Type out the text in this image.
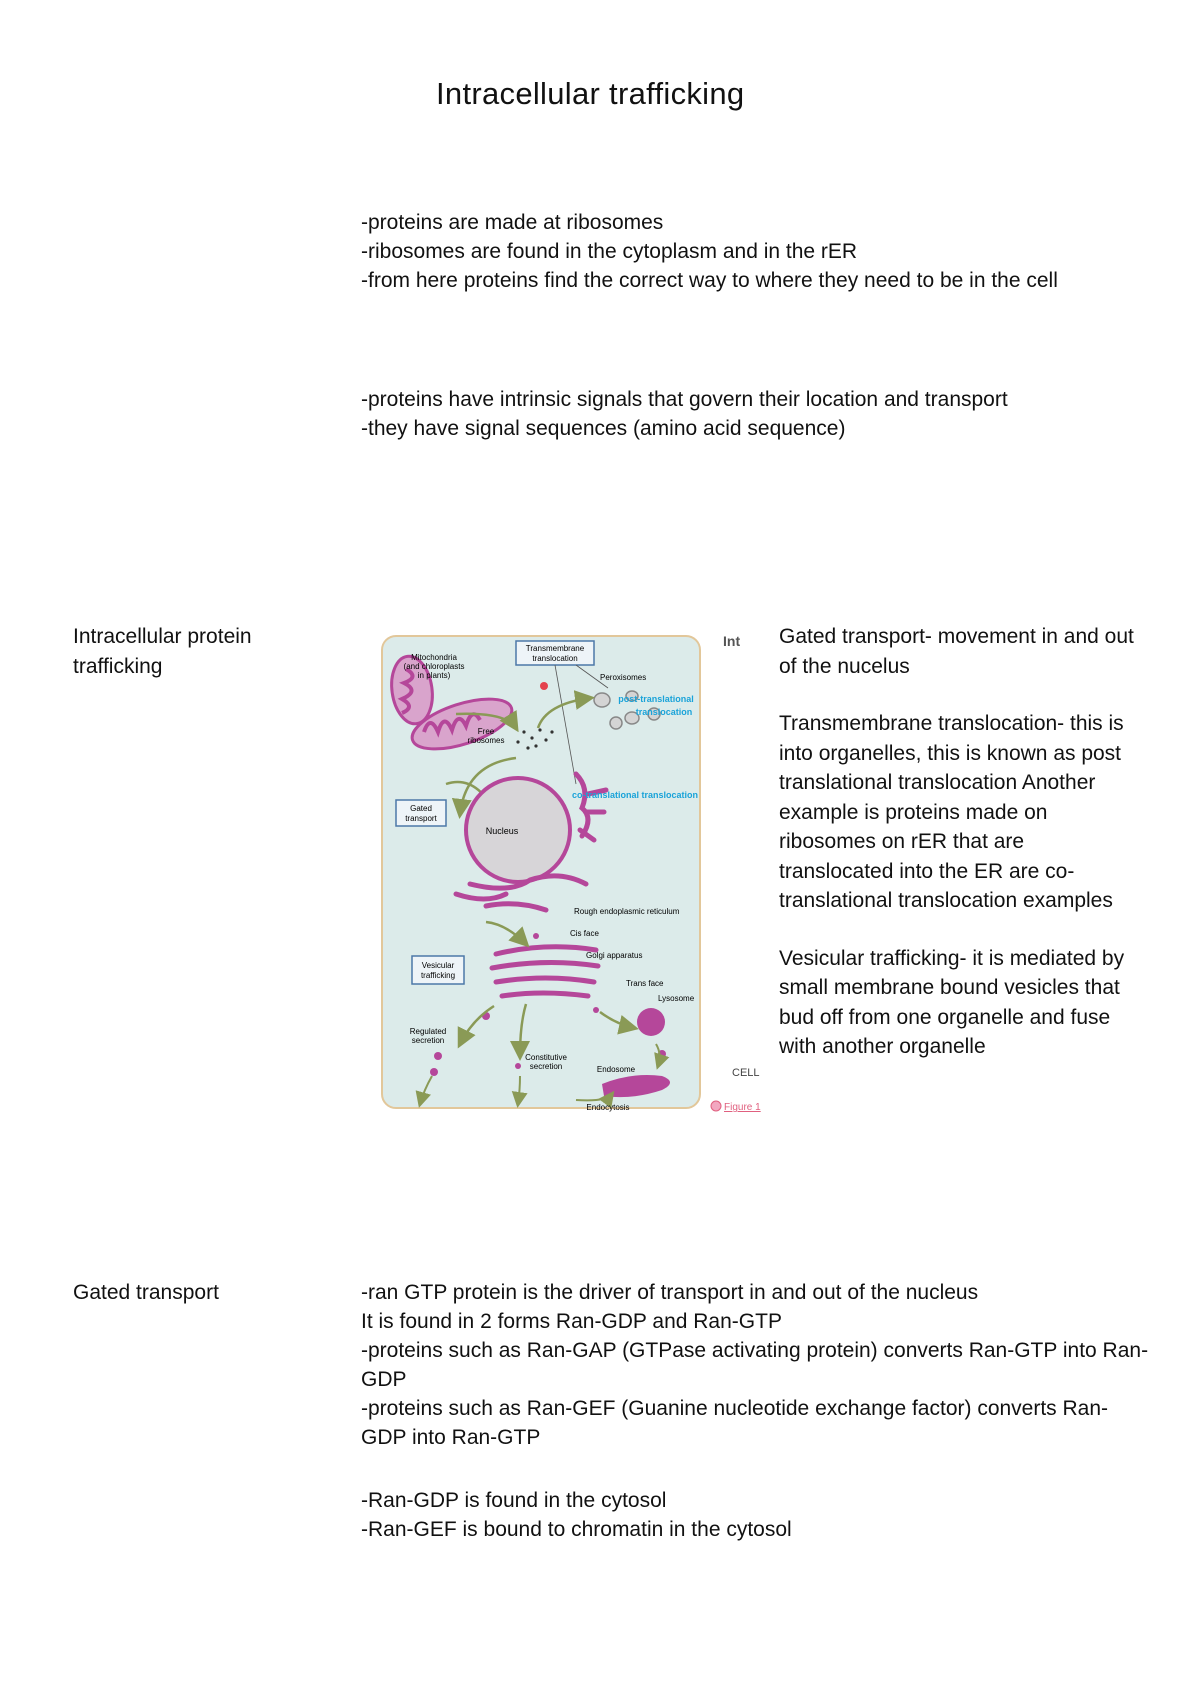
Intracellular trafficking
-proteins are made at ribosomes
-ribosomes are found in the cytoplasm and in the rER
-from here proteins find the correct way to where they need to be in the cell
-proteins have intrinsic signals that govern their location and transport
-they have signal sequences (amino acid sequence)
Intracellular protein trafficking	Mitochondria
(and chloroplasts
in plants)
Transmembrane
translocation
Peroxisomes
post-translational
translocation
Free
ribosomes
Gated
transport
Nucleus
Rough endoplasmic reticulum
co-translational translocation
Cis face
Golgi apparatus
Trans face
Vesicular
trafficking
Lysosome
Regulated
secretion
Constitutive
secretion	Endosome
Endocytosis
Int
CELL
Figure 1

Gated transport- movement in and out of the nucelus

Transmembrane translocation- this is into organelles, this is known as post translational translocation Another example is proteins made on ribosomes on rER that are translocated into the ER are co-translational translocation examples

Vesicular trafficking- it is mediated by small membrane bound vesicles that bud off from one organelle and fuse with another organelle

Gated transport	-ran GTP protein is the driver of transport in and out of the nucleus
It is found in 2 forms Ran-GDP and Ran-GTP
-proteins such as Ran-GAP (GTPase activating protein) converts Ran-GTP into Ran-GDP
-proteins such as Ran-GEF (Guanine nucleotide exchange factor) converts Ran-GDP into Ran-GTP
-Ran-GDP is found in the cytosol
-Ran-GEF is bound to chromatin in the cytosol
